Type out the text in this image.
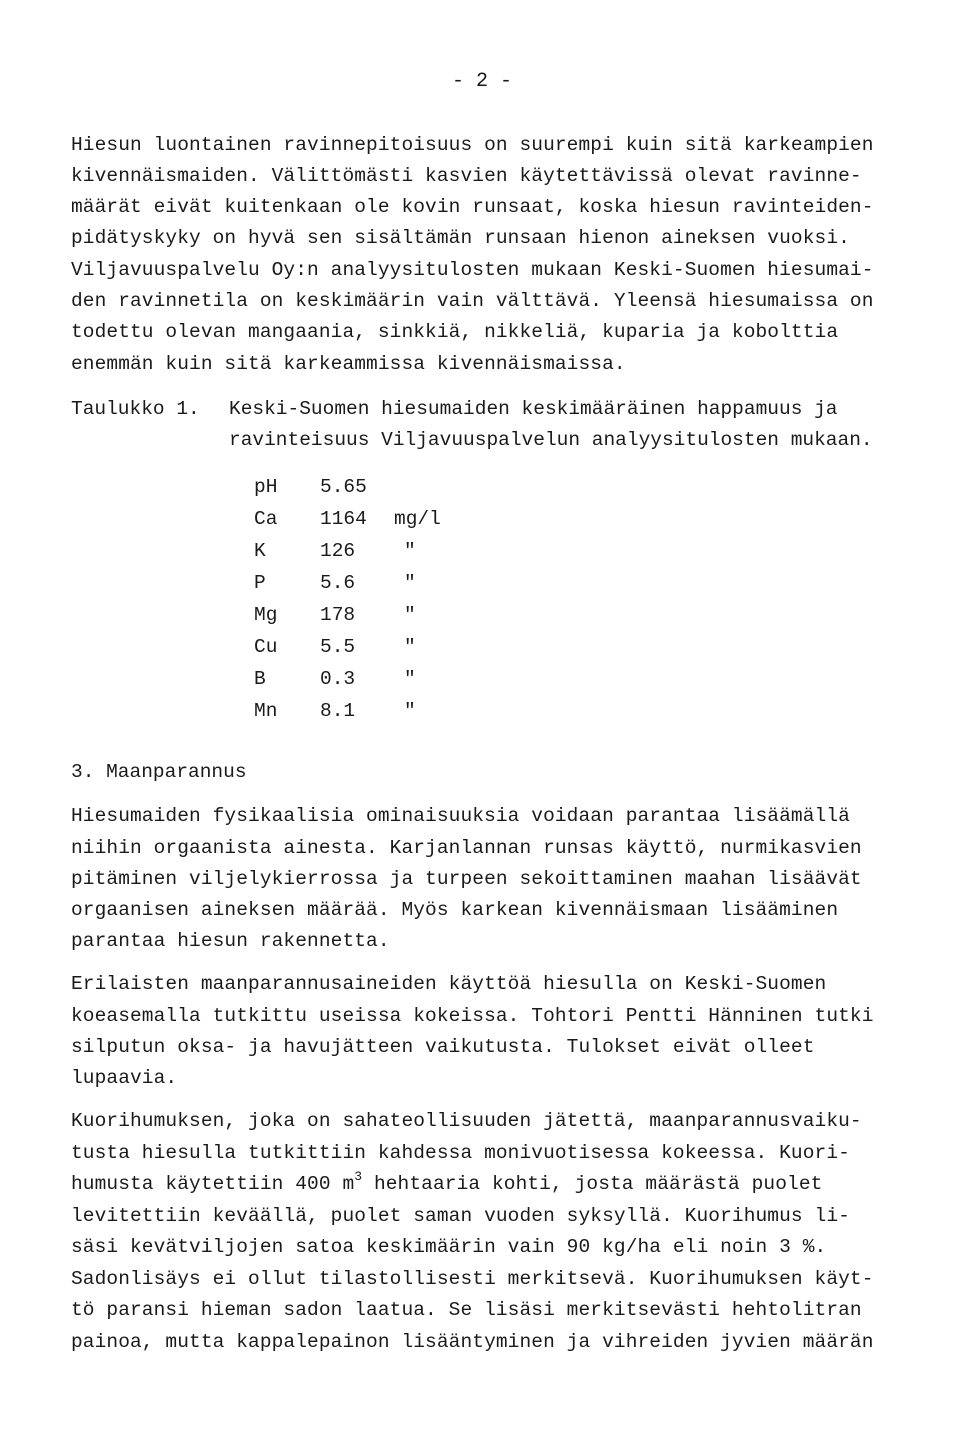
- 2 -
Hiesun luontainen ravinnepitoisuus on suurempi kuin sitä karkeampien
kivennäismaiden. Välittömästi kasvien käytettävissä olevat ravinne-
määrät eivät kuitenkaan ole kovin runsaat, koska hiesun ravinteiden-
pidätyskyky on hyvä sen sisältämän runsaan hienon aineksen vuoksi.
Viljavuuspalvelu Oy:n analyysitulosten mukaan Keski-Suomen hiesumai-
den ravinnetila on keskimäärin vain välttävä. Yleensä hiesumaissa on
todettu olevan mangaania, sinkkiä, nikkeliä, kuparia ja kobolttia
enemmän kuin sitä karkeammissa kivennäismaissa.
Taulukko 1. Keski-Suomen hiesumaiden keskimääräinen happamuus ja
ravinteisuus Viljavuuspalvelun analyysitulosten mukaan.
pH 5.65
Ca 1164 mg/l
K	126	"
P	5.6	"
Mg 178	"
Cu 5.5	"
B	0.3	"
Mn 8.1	"
3. Maanparannus
Hiesumaiden fysikaalisia ominaisuuksia voidaan parantaa lisäämällä
niihin orgaanista ainesta. Karjanlannan runsas käyttö, nurmikasvien
pitäminen viljelykierrossa ja turpeen sekoittaminen maahan lisäävät
orgaanisen aineksen määrää. Myös karkean kivennäismaan lisääminen
parantaa hiesun rakennetta.
Erilaisten maanparannusaineiden käyttöä hiesulla on Keski-Suomen
koeasemalla tutkittu useissa kokeissa. Tohtori Pentti Hänninen tutki
silputun oksa- ja havujätteen vaikutusta. Tulokset eivät olleet
lupaavia.
Kuorihumuksen, joka on sahateollisuuden jätettä, maanparannusvaiku-
tusta hiesulla tutkittiin kahdessa monivuotisessa kokeessa. Kuori-
humusta käytettiin 400 $m^3$ hehtaaria kohti, josta määrästä puolet
levitettiin keväällä, puolet saman vuoden syksyllä. Kuorihumus li-
säsi kevätviljojen satoa keskimäärin vain 90 kg/ha eli noin 3 %.
Sadonlisäys ei ollut tilastollisesti merkitsevä. Kuorihumuksen käyt-
tö paransi hieman sadon laatua. Se lisäsi merkitsevästi hehtolitran
painoa, mutta kappalepainon lisääntyminen ja vihreiden jyvien määrän
